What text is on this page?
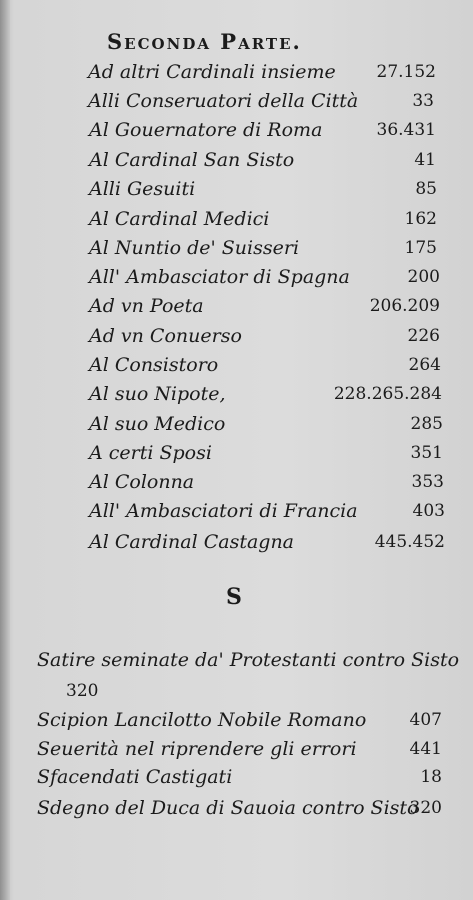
Seconda Parte.
Ad altri Cardinali insieme 27.152
Alli Conseruatori della Città	33
Al Gouernatore di Roma	36.431
Al Cardinal San Sisto	41
Alli Gesuiti	85
Al Cardinal Medici	162
Al Nuntio de' Suisseri	175
All' Ambasciator di Spagna	200
Ad vn Poeta	206.209
Ad vn Conuerso	226
Al Consistoro	264
Al suo Nipote,	228.265.284
Al suo Medico	285
A certi Sposi	351
Al Colonna	353
All' Ambasciatori di Francia	403
Al Cardinal Castagna	445.452
S
Satire seminate da' Protestanti contro Sisto
320
Scipion Lancilotto Nobile Romano	407
Seuerità nel riprendere gli errori	441
Sfacendati Castigati	18
Sdegno del Duca di Sauoia contro Sisto
320
